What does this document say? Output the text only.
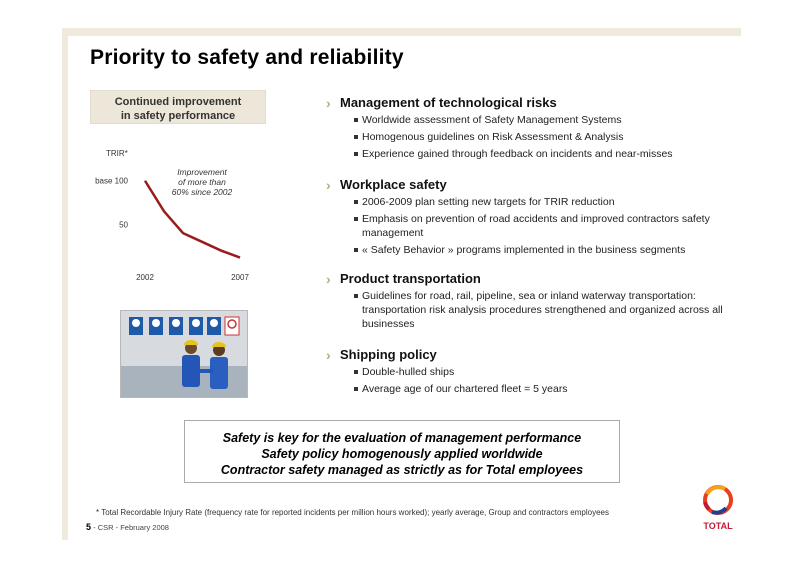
Priority to safety and reliability
Continued improvement
in safety performance
TRIR*
base 100
50
2002	2007
Improvement
of more than
60% since 2002
› Management of technological risks
Worldwide assessment of Safety Management Systems
Homogenous guidelines on Risk Assessment & Analysis
Experience gained through feedback on incidents and near-misses
› Workplace safety
2006-2009 plan setting new targets for TRIR reduction
Emphasis on prevention of road accidents and improved contractors safety management
« Safety Behavior » programs implemented in the business segments
› Product transportation
Guidelines for road, rail, pipeline, sea or inland waterway transportation: transportation risk analysis procedures strengthened and organized across all businesses
› Shipping policy
Double-hulled ships
Average age of our chartered fleet = 5 years
Safety is key for the evaluation of management performance
Safety policy homogenously applied worldwide
Contractor safety managed as strictly as for Total employees
* Total Recordable Injury Rate (frequency rate for reported incidents per million hours worked); yearly average, Group and contractors employees
5 - CSR - February 2008	TOTAL
